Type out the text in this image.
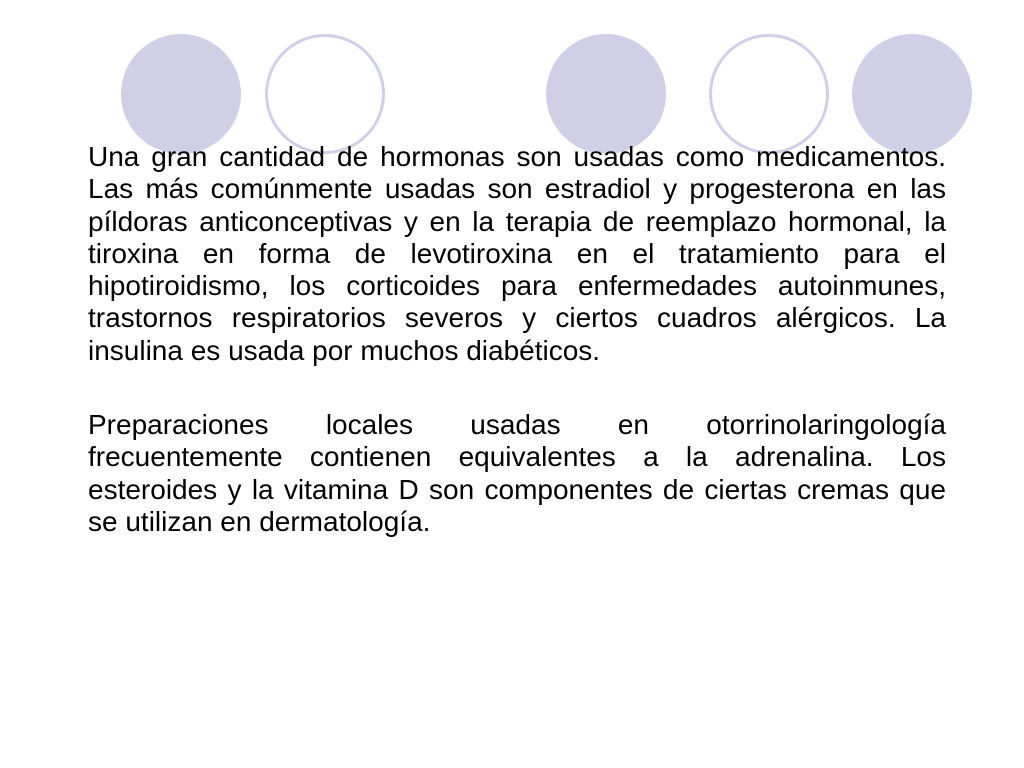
Una gran cantidad de hormonas son usadas como medicamentos. Las más comúnmente usadas son estradiol y progesterona en las píldoras anticonceptivas y en la terapia de reemplazo hormonal, la tiroxina en forma de levotiroxina en el tratamiento para el hipotiroidismo, los corticoides para enfermedades autoinmunes, trastornos respiratorios severos y ciertos cuadros alérgicos. La insulina es usada por muchos diabéticos.

Preparaciones locales usadas en otorrinolaringología frecuentemente contienen equivalentes a la adrenalina. Los esteroides y la vitamina D son componentes de ciertas cremas que se utilizan en dermatología.
